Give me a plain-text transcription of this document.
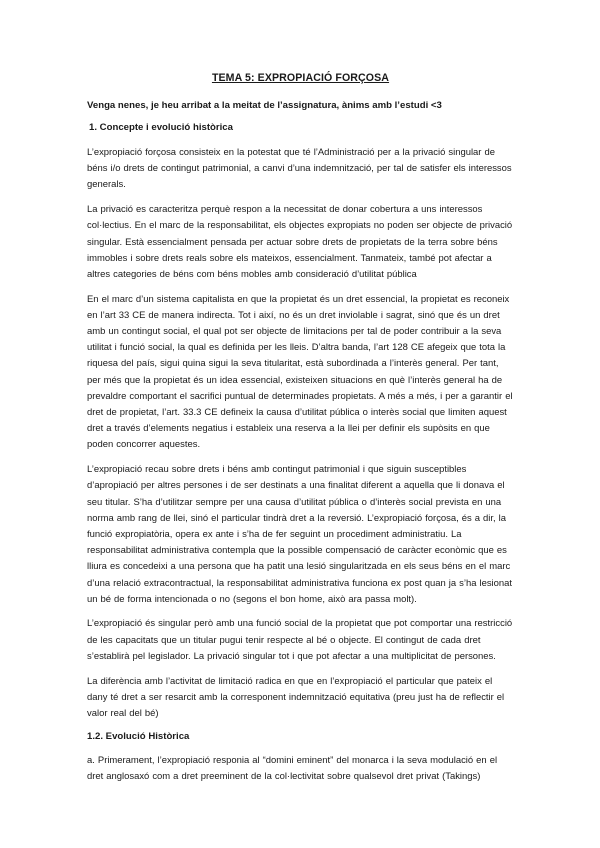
TEMA 5: EXPROPIACIÓ FORÇOSA
Venga nenes, je heu arribat a la meitat de l’assignatura, ànims amb l’estudi <3
1. Concepte i evolució històrica

L’expropiació forçosa consisteix en la potestat que té l’Administració per a la privació singular de béns i/o drets de contingut patrimonial, a canvi d’una indemnització, per tal de satisfer els interessos generals.

La privació es caracteritza perquè respon a la necessitat de donar cobertura a uns interessos col·lectius. En el marc de la responsabilitat, els objectes expropiats no poden ser objecte de privació singular. Està essencialment pensada per actuar sobre drets de propietats de la terra sobre béns immobles i sobre drets reals sobre els mateixos, essencialment. Tanmateix, també pot afectar a altres categories de béns com béns mobles amb consideració d’utilitat pública

En el marc d’un sistema capitalista en que la propietat és un dret essencial, la propietat es reconeix en l’art 33 CE de manera indirecta. Tot i així, no és un dret inviolable i sagrat, sinó que és un dret amb un contingut social, el qual pot ser objecte de limitacions per tal de poder contribuir a la seva utilitat i funció social, la qual es definida per les lleis. D’altra banda, l’art 128 CE afegeix que tota la riquesa del país, sigui quina sigui la seva titularitat, està subordinada a l’interès general. Per tant, per més que la propietat és un idea essencial, existeixen situacions en què l’interès general ha de prevaldre comportant el sacrifici puntual de determinades propietats. A més a més, i per a garantir el dret de propietat, l’art. 33.3 CE defineix la causa d’utilitat pública o interès social que limiten aquest dret a través d’elements negatius i estableix una reserva a la llei per definir els supòsits en que poden concorrer aquestes.

L’expropiació recau sobre drets i béns amb contingut patrimonial i que siguin susceptibles d’apropiació per altres persones i de ser destinats a una finalitat diferent a aquella que li donava el seu titular. S’ha d’utilitzar sempre per una causa d’utilitat pública o d’interès social prevista en una norma amb rang de llei, sinó el particular tindrà dret a la reversió. L’expropiació forçosa, és a dir, la funció expropiatòria, opera ex ante i s’ha de fer seguint un procediment administratiu. La responsabilitat administrativa contempla que la possible compensació de caràcter econòmic que es lliura es concedeixi a una persona que ha patit una lesió singularitzada en els seus béns en el marc d’una relació extracontractual, la responsabilitat administrativa funciona ex post quan ja s’ha lesionat un bé de forma intencionada o no (segons el bon home, això ara passa molt).

L’expropiació és singular però amb una funció social de la propietat que pot comportar una restricció de les capacitats que un titular pugui tenir respecte al bé o objecte. El contingut de cada dret s’establirà pel legislador. La privació singular tot i que pot afectar a una multiplicitat de persones.

La diferència amb l’activitat de limitació radica en que en l’expropiació el particular que pateix el dany té dret a ser resarcit amb la corresponent indemnització equitativa (preu just ha de reflectir el valor real del bé)

1.2. Evolució Històrica

a. Primerament, l’expropiació responia al “domini eminent” del monarca i la seva modulació en el dret anglosaxó com a dret preeminent de la col·lectivitat sobre qualsevol dret privat (Takings)
